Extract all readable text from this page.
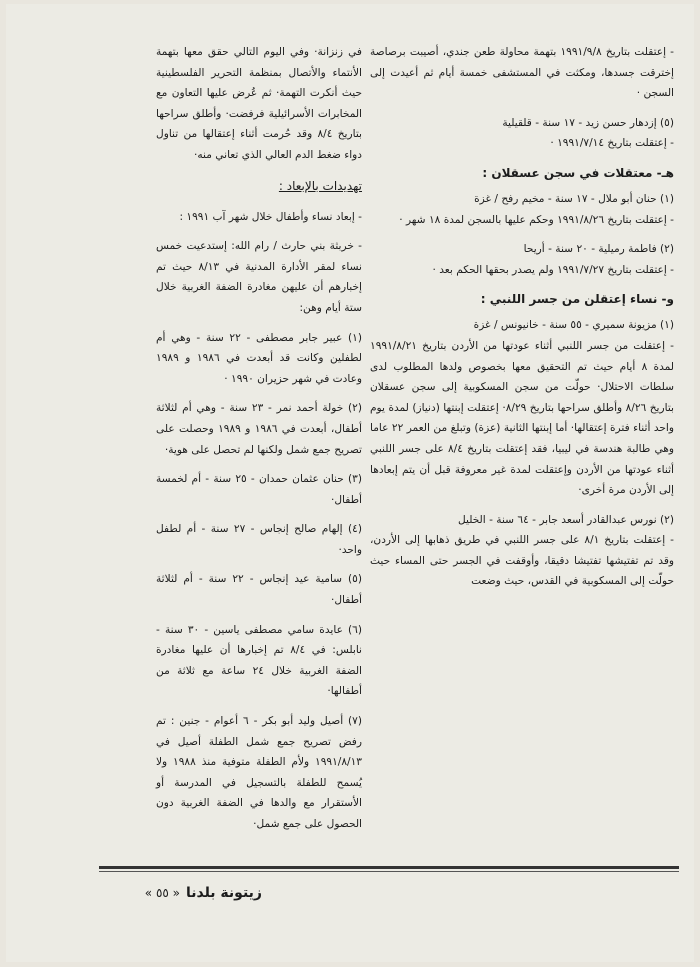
- إعتقلت بتاريخ ١٩٩١/٩/٨ بتهمة محاولة طعن جندي، أصيبت برصاصة إخترقت جسدها، ومكثت في المستشفى خمسة أيام ثم أعيدت إلى السجن ·

(٥) إزدهار حسن زيد - ١٧ سنة - قلقيلية

- إعتقلت بتاريخ ١٩٩١/٧/١٤ ·

هـ- معتقلات في سجن عسقلان :

(١) حنان أبو ملال - ١٧ سنة - مخيم رفح / غزة

- إعتقلت بتاريخ ١٩٩١/٨/٢٦ وحكم عليها بالسجن لمدة ١٨ شهر ·

(٢) فاطمة رميلية - ٢٠ سنة - أريحا

- إعتقلت بتاريخ ١٩٩١/٧/٢٧ ولم يصدر بحقها الحكم بعد ·

و- نساء إعتقلن من جسر اللنبي :

(١) مزيونة سميري - ٥٥ سنة - خانيونس / غزة

- إعتقلت من جسر اللنبي أثناء عودتها من الأردن بتاريخ ١٩٩١/٨/٢١ لمدة ٨ أيام حيث تم التحقيق معها بخصوص ولدها المطلوب لدى سلطات الاحتلال· حولّت من سجن المسكوبية إلى سجن عسقلان بتاريخ ٨/٢٦ وأطلق سراحها بتاريخ ٨/٢٩· إعتقلت إبنتها (دنياز) لمدة يوم واحد أثناء فترة إعتقالها· أما إبنتها الثانية (عزة) وتبلغ من العمر ٢٢ عاما وهي طالبة هندسة في ليبيا، فقد إعتقلت بتاريخ ٨/٤ على جسر اللنبي أثناء عودتها من الأردن وإعتقلت لمدة غير معروفة قبل أن يتم إبعادها إلى الأردن مرة أخرى·

(٢) نورس عبدالقادر أسعد جابر - ٦٤ سنة - الخليل

- إعتقلت بتاريخ ٨/١ على جسر اللنبي في طريق ذهابها إلى الأردن، وقد تم تفتيشها تفتيشا دقيقا، وأوقفت في الجسر حتى المساء حيث حولّت إلى المسكوبية في القدس، حيث وضعت

في زنزانة· وفي اليوم التالي حقق معها بتهمة الأنتماء والأتصال بمنظمة التحرير الفلسطينية حيث أنكرت التهمة· ثم عُرض عليها التعاون مع المخابرات الأسرائيلية فرفضت· وأطلق سراحها بتاريخ ٨/٤ وقد حُرمت أثناء إعتقالها من تناول دواء ضغط الدم العالي الذي تعاني منه·

تهديدات بالإبعاد :

- إبعاد نساء وأطفال خلال شهر آب ١٩٩١ :

- خربثة بني حارث / رام الله: إستدعيت خمس نساء لمقر الأدارة المدنية في ٨/١٣ حيث تم إخبارهم أن عليهن مغادرة الضفة الغربية خلال ستة أيام وهن:

(١) عبير جابر مصطفى - ٢٢ سنة - وهي أم لطفلين وكانت قد أبعدت في ١٩٨٦ و ١٩٨٩ وعادت في شهر حزيران ١٩٩٠ ·

(٢) خولة أحمد نمر - ٢٣ سنة - وهي أم لثلاثة أطفال، أبعدت في ١٩٨٦ و ١٩٨٩ وحصلت على تصريح جمع شمل ولكنها لم تحصل على هوية·

(٣) حنان عثمان حمدان - ٢٥ سنة - أم لخمسة أطفال·

(٤) إلهام صالح إنجاس - ٢٧ سنة - أم لطفل واحد·

(٥) سامية عيد إنجاس - ٢٢ سنة - أم لثلاثة أطفال·

(٦) عايدة سامي مصطفى ياسين - ٣٠ سنة - نابلس: في ٨/٤ تم إخبارها أن عليها مغادرة الضفة الغربية خلال ٢٤ ساعة مع ثلاثة من أطفالها·

(٧) أصيل وليد أبو بكر - ٦ أعوام - جنين : تم رفض تصريح جمع شمل الطفلة أصيل في ١٩٩١/٨/١٣ ولأم الطفلة متوفية منذ ١٩٨٨ ولا يُسمح للطفلة بالتسجيل في المدرسة أو الأستقرار مع والدها في الضفة الغربية دون الحصول على جمع شمل·

زيتونة بلدنا
« ٥٥ »
